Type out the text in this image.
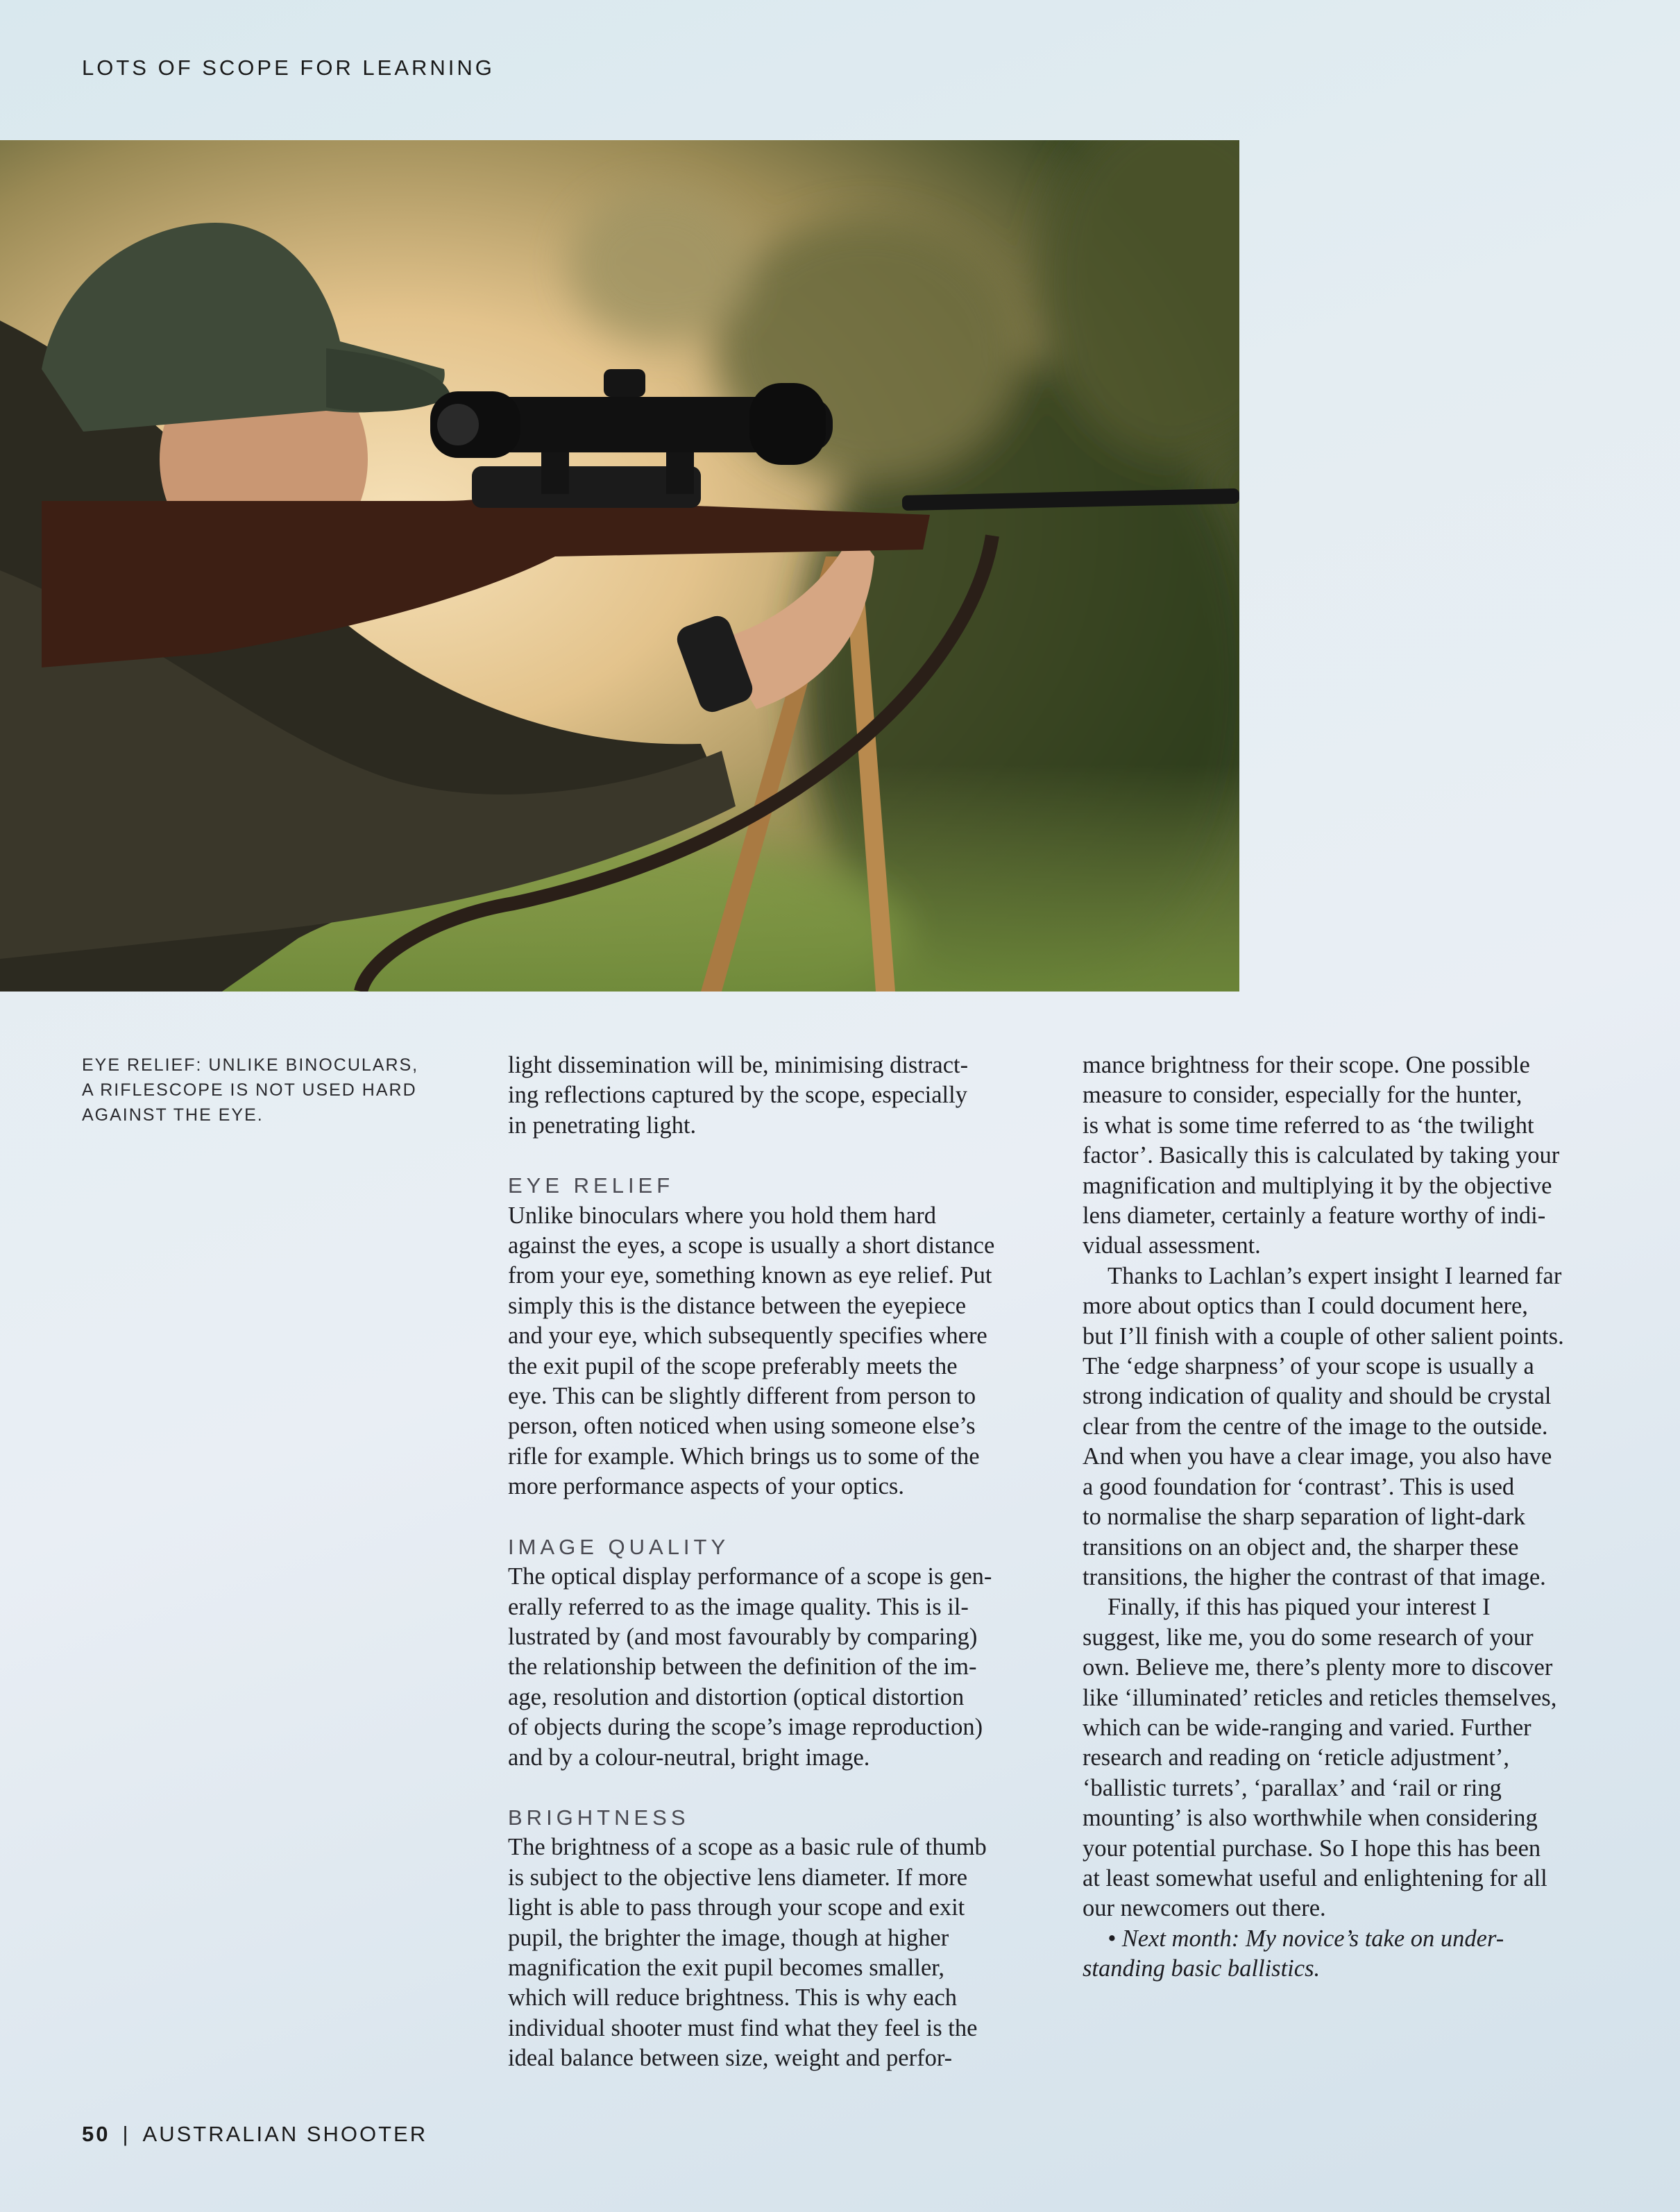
LOTS OF SCOPE FOR LEARNING
EYE RELIEF: UNLIKE BINOCULARS,
A RIFLESCOPE IS NOT USED HARD
AGAINST THE EYE.
light dissemination will be, minimising distract-
ing reflections captured by the scope, especially
in penetrating light.
EYE RELIEF
Unlike binoculars where you hold them hard
against the eyes, a scope is usually a short distance
from your eye, something known as eye relief. Put
simply this is the distance between the eyepiece
and your eye, which subsequently specifies where
the exit pupil of the scope preferably meets the
eye. This can be slightly different from person to
person, often noticed when using someone else’s
rifle for example. Which brings us to some of the
more performance aspects of your optics.
IMAGE QUALITY
The optical display performance of a scope is gen-
erally referred to as the image quality. This is il-
lustrated by (and most favourably by comparing)
the relationship between the definition of the im-
age, resolution and distortion (optical distortion
of objects during the scope’s image reproduction)
and by a colour-neutral, bright image.
BRIGHTNESS
The brightness of a scope as a basic rule of thumb
is subject to the objective lens diameter. If more
light is able to pass through your scope and exit
pupil, the brighter the image, though at higher
magnification the exit pupil becomes smaller,
which will reduce brightness. This is why each
individual shooter must find what they feel is the
ideal balance between size, weight and perfor-
mance brightness for their scope. One possible
measure to consider, especially for the hunter,
is what is some time referred to as ‘the twilight
factor’. Basically this is calculated by taking your
magnification and multiplying it by the objective
lens diameter, certainly a feature worthy of indi-
vidual assessment.
Thanks to Lachlan’s expert insight I learned far
more about optics than I could document here,
but I’ll finish with a couple of other salient points.
The ‘edge sharpness’ of your scope is usually a
strong indication of quality and should be crystal
clear from the centre of the image to the outside.
And when you have a clear image, you also have
a good foundation for ‘contrast’. This is used
to normalise the sharp separation of light-dark
transitions on an object and, the sharper these
transitions, the higher the contrast of that image.
Finally, if this has piqued your interest I
suggest, like me, you do some research of your
own. Believe me, there’s plenty more to discover
like ‘illuminated’ reticles and reticles themselves,
which can be wide-ranging and varied. Further
research and reading on ‘reticle adjustment’,
‘ballistic turrets’, ‘parallax’ and ‘rail or ring
mounting’ is also worthwhile when considering
your potential purchase. So I hope this has been
at least somewhat useful and enlightening for all
our newcomers out there.
• Next month: My novice’s take on under-
standing basic ballistics.
50 | AUSTRALIAN SHOOTER
